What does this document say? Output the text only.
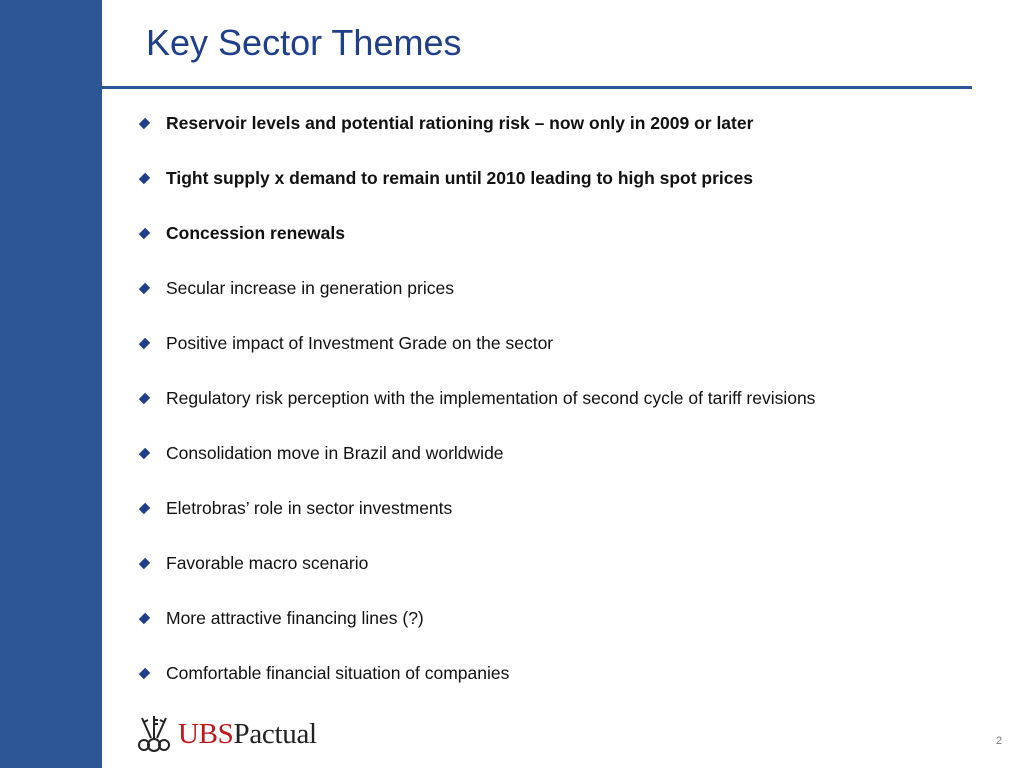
Key Sector Themes
Reservoir levels and potential rationing risk – now only in 2009 or later
Tight supply x demand to remain until 2010 leading to high spot prices
Concession renewals
Secular increase in generation prices
Positive impact of Investment Grade on the sector
Regulatory risk perception with the implementation of second cycle of tariff revisions
Consolidation move in Brazil and worldwide
Eletrobras’ role in sector investments
Favorable macro scenario
More attractive financing lines (?)
Comfortable financial situation of companies
UBSPactual	2
